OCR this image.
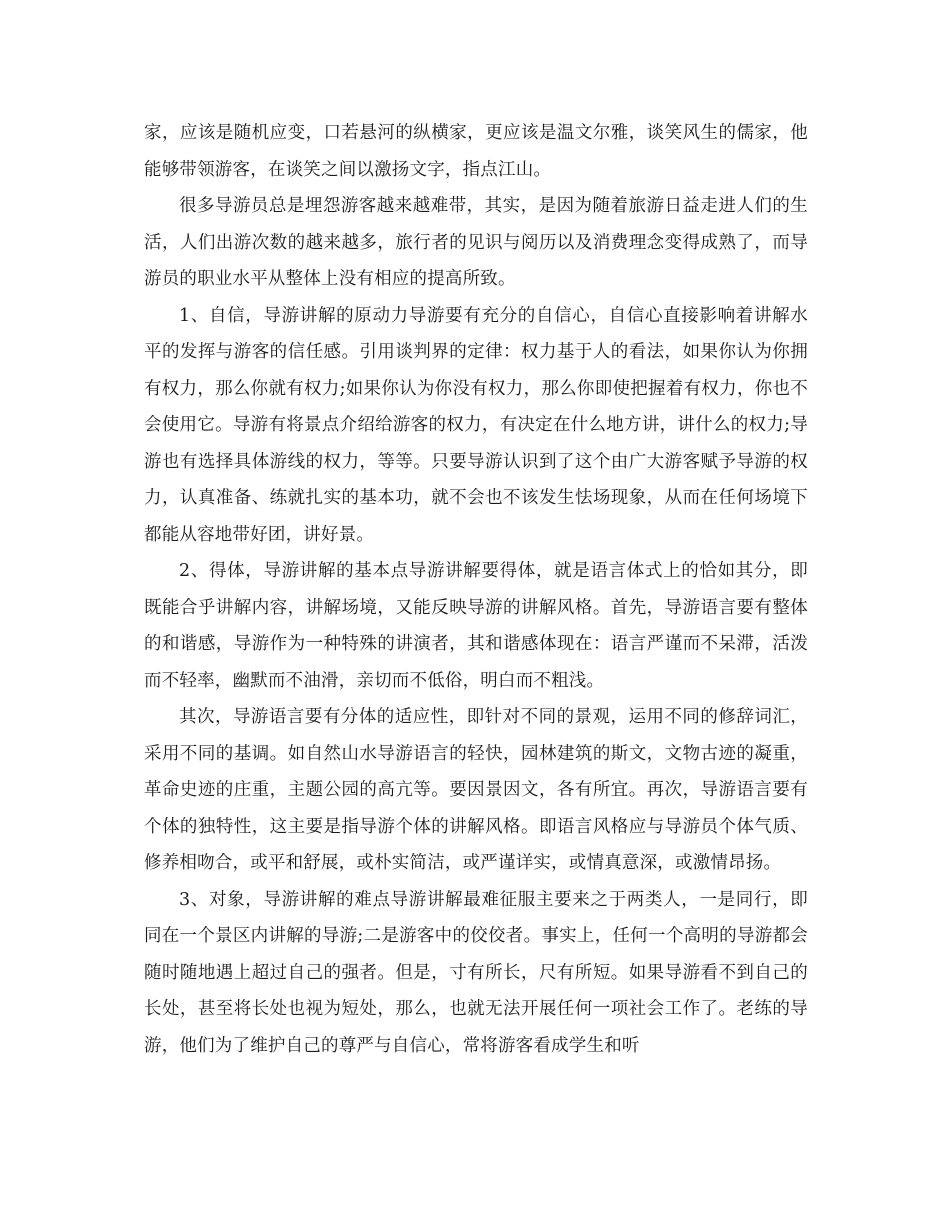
家，应该是随机应变，口若悬河的纵横家，更应该是温文尔雅，谈笑风生的儒家，他能够带领游客，在谈笑之间以激扬文字，指点江山。

很多导游员总是埋怨游客越来越难带，其实，是因为随着旅游日益走进人们的生活，人们出游次数的越来越多，旅行者的见识与阅历以及消费理念变得成熟了，而导游员的职业水平从整体上没有相应的提高所致。

1、自信，导游讲解的原动力导游要有充分的自信心，自信心直接影响着讲解水平的发挥与游客的信任感。引用谈判界的定律：权力基于人的看法，如果你认为你拥有权力，那么你就有权力;如果你认为你没有权力，那么你即使把握着有权力，你也不会使用它。导游有将景点介绍给游客的权力，有决定在什么地方讲，讲什么的权力;导游也有选择具体游线的权力，等等。只要导游认识到了这个由广大游客赋予导游的权力，认真准备、练就扎实的基本功，就不会也不该发生怯场现象，从而在任何场境下都能从容地带好团，讲好景。

2、得体，导游讲解的基本点导游讲解要得体，就是语言体式上的恰如其分，即既能合乎讲解内容，讲解场境，又能反映导游的讲解风格。首先，导游语言要有整体的和谐感，导游作为一种特殊的讲演者，其和谐感体现在：语言严谨而不呆滞，活泼而不轻率，幽默而不油滑，亲切而不低俗，明白而不粗浅。

其次，导游语言要有分体的适应性，即针对不同的景观，运用不同的修辞词汇，采用不同的基调。如自然山水导游语言的轻快，园林建筑的斯文，文物古迹的凝重，革命史迹的庄重，主题公园的高亢等。要因景因文，各有所宜。再次，导游语言要有个体的独特性，这主要是指导游个体的讲解风格。即语言风格应与导游员个体气质、修养相吻合，或平和舒展，或朴实简洁，或严谨详实，或情真意深，或激情昂扬。

3、对象，导游讲解的难点导游讲解最难征服主要来之于两类人，一是同行，即同在一个景区内讲解的导游;二是游客中的佼佼者。事实上，任何一个高明的导游都会随时随地遇上超过自己的强者。但是，寸有所长，尺有所短。如果导游看不到自己的长处，甚至将长处也视为短处，那么，也就无法开展任何一项社会工作了。老练的导游，他们为了维护自己的尊严与自信心，常将游客看成学生和听
